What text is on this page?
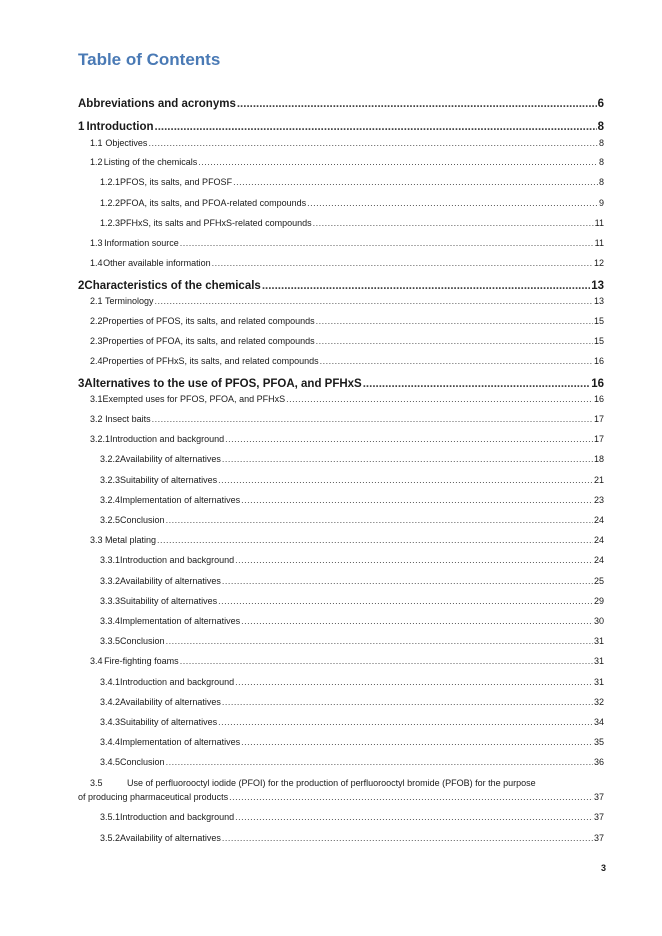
Table of Contents
Abbreviations and acronyms .....	6
1 Introduction .....	8
1.1 Objectives .....	8
1.2 Listing of the chemicals .....	8
1.2.1 PFOS, its salts, and PFOSF .....	8
1.2.2 PFOA, its salts, and PFOA-related compounds .....	9
1.2.3 PFHxS, its salts and PFHxS-related compounds .....	11
1.3 Information source .....	11
1.4 Other available information .....	12
2 Characteristics of the chemicals .....	13
2.1 Terminology .....	13
2.2 Properties of PFOS, its salts, and related compounds .....	15
2.3 Properties of PFOA, its salts, and related compounds .....	15
2.4 Properties of PFHxS, its salts, and related compounds .....	16
3 Alternatives to the use of PFOS, PFOA, and PFHxS .....	16
3.1 Exempted uses for PFOS, PFOA, and PFHxS .....	16
3.2 Insect baits .....	17
3.2.1 Introduction and background .....	17
3.2.2 Availability of alternatives .....	18
3.2.3 Suitability of alternatives .....	21
3.2.4 Implementation of alternatives .....	23
3.2.5 Conclusion .....	24
3.3 Metal plating .....	24
3.3.1 Introduction and background .....	24
3.3.2 Availability of alternatives .....	25
3.3.3 Suitability of alternatives .....	29
3.3.4 Implementation of alternatives .....	30
3.3.5 Conclusion .....	31
3.4 Fire-fighting foams .....	31
3.4.1 Introduction and background .....	31
3.4.2 Availability of alternatives .....	32
3.4.3 Suitability of alternatives .....	34
3.4.4 Implementation of alternatives .....	35
3.4.5 Conclusion .....	36
3.5	Use of perfluorooctyl iodide (PFOI) for the production of perfluorooctyl bromide (PFOB) for the purpose
of producing pharmaceutical products .....	37
3.5.1 Introduction and background .....	37
3.5.2 Availability of alternatives .....	37
3
